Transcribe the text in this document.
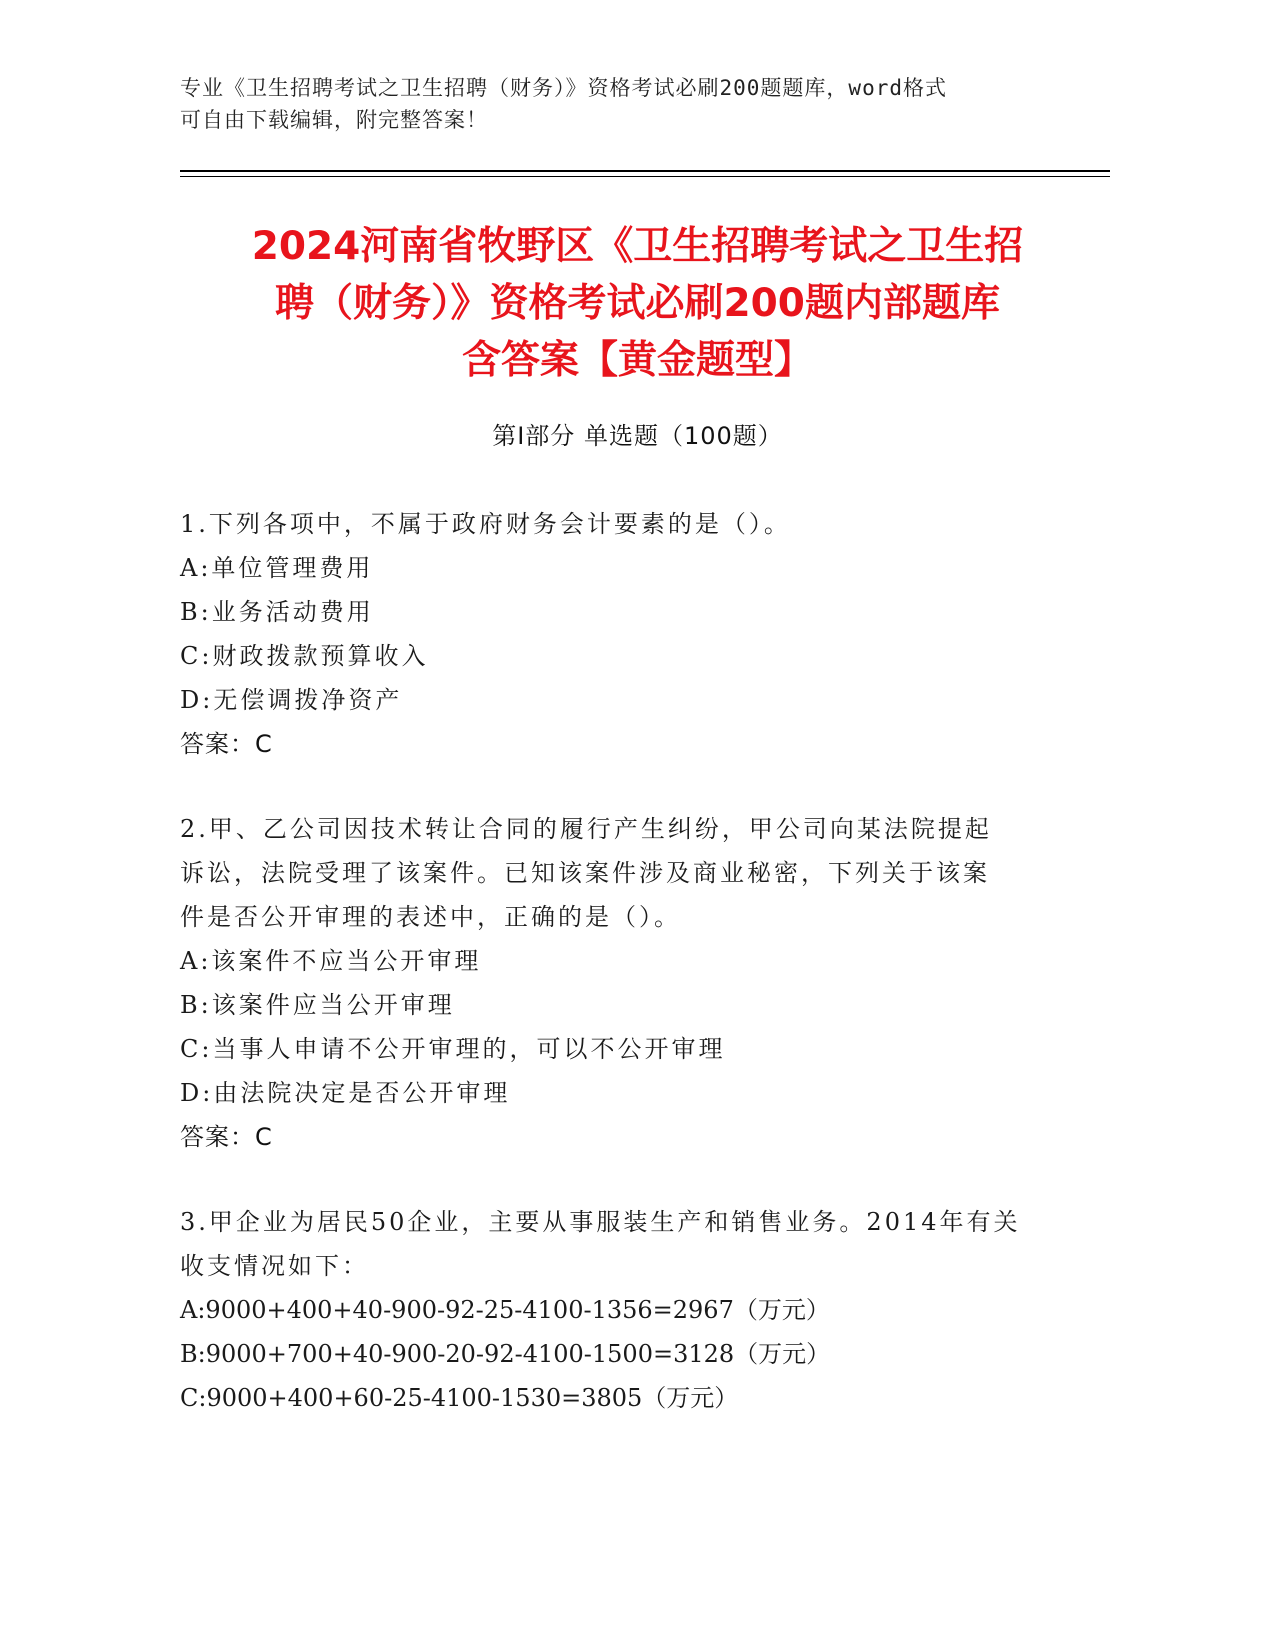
专业《卫生招聘考试之卫生招聘（财务）》资格考试必刷200题题库，word格式
可自由下载编辑，附完整答案！
2024河南省牧野区《卫生招聘考试之卫生招
聘（财务）》资格考试必刷200题内部题库
含答案【黄金题型】
第Ⅰ部分 单选题（100题）
1.下列各项中，不属于政府财务会计要素的是（）。
A:单位管理费用
B:业务活动费用
C:财政拨款预算收入
D:无偿调拨净资产
答案：C
2.甲、乙公司因技术转让合同的履行产生纠纷，甲公司向某法院提起
诉讼，法院受理了该案件。已知该案件涉及商业秘密，下列关于该案
件是否公开审理的表述中，正确的是（）。
A:该案件不应当公开审理
B:该案件应当公开审理
C:当事人申请不公开审理的，可以不公开审理
D:由法院决定是否公开审理
答案：C
3.甲企业为居民50企业，主要从事服装生产和销售业务。2014年有关
收支情况如下：
A:9000+400+40-900-92-25-4100-1356=2967（万元）
B:9000+700+40-900-20-92-4100-1500=3128（万元）
C:9000+400+60-25-4100-1530=3805（万元）
